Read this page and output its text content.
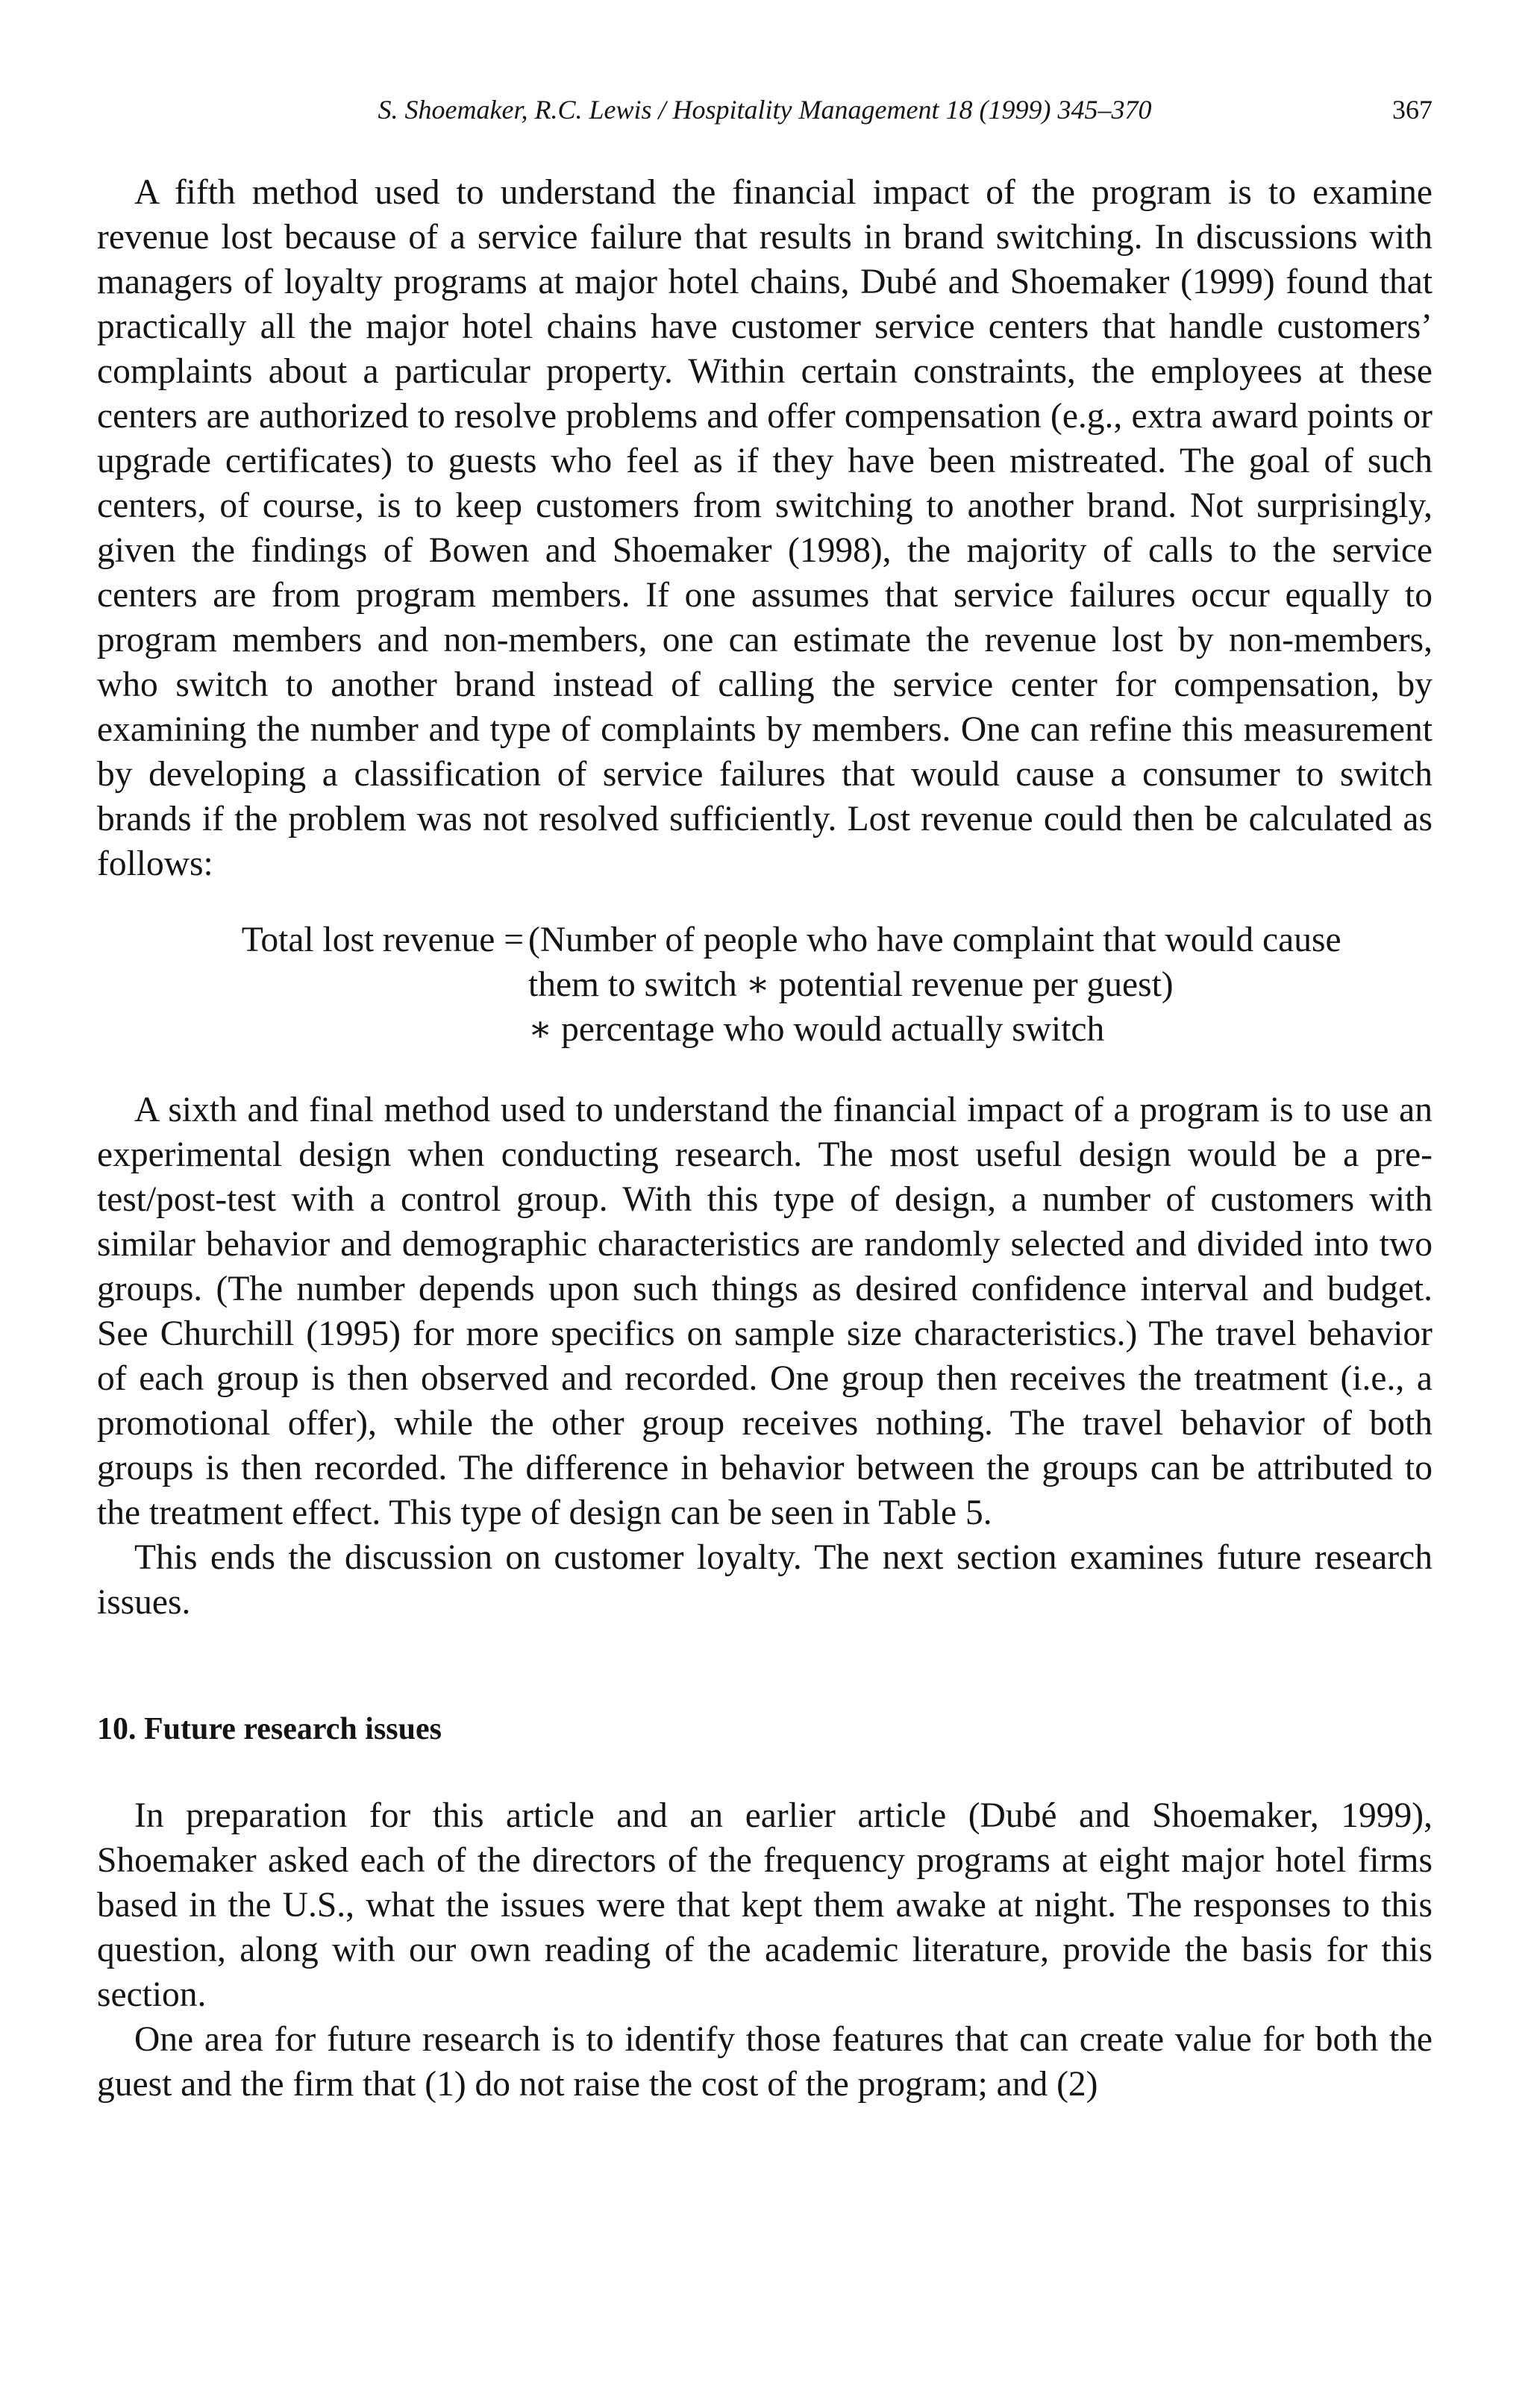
S. Shoemaker, R.C. Lewis / Hospitality Management 18 (1999) 345–370	367

A fifth method used to understand the financial impact of the program is to examine revenue lost because of a service failure that results in brand switching. In discussions with managers of loyalty programs at major hotel chains, Dubé and Shoemaker (1999) found that practically all the major hotel chains have customer service centers that handle customers’ complaints about a particular property. Within certain constraints, the employees at these centers are authorized to resolve problems and offer compensation (e.g., extra award points or upgrade certificates) to guests who feel as if they have been mistreated. The goal of such centers, of course, is to keep customers from switching to another brand. Not surprisingly, given the findings of Bowen and Shoemaker (1998), the majority of calls to the service centers are from program members. If one assumes that service failures occur equally to program members and non-members, one can estimate the revenue lost by non-members, who switch to another brand instead of calling the service center for compensation, by examining the number and type of complaints by members. One can refine this measurement by developing a classification of service failures that would cause a consumer to switch brands if the problem was not resolved sufficiently. Lost revenue could then be calculated as follows:

Total lost revenue = (Number of people who have complaint that would cause
them to switch ∗ potential revenue per guest)
∗ percentage who would actually switch

A sixth and final method used to understand the financial impact of a program is to use an experimental design when conducting research. The most useful design would be a pre-test/post-test with a control group. With this type of design, a number of customers with similar behavior and demographic characteristics are randomly selected and divided into two groups. (The number depends upon such things as desired confidence interval and budget. See Churchill (1995) for more specifics on sample size characteristics.) The travel behavior of each group is then observed and recorded. One group then receives the treatment (i.e., a promotional offer), while the other group receives nothing. The travel behavior of both groups is then recorded. The difference in behavior between the groups can be attributed to the treatment effect. This type of design can be seen in Table 5.

This ends the discussion on customer loyalty. The next section examines future research issues.

10. Future research issues

In preparation for this article and an earlier article (Dubé and Shoemaker, 1999), Shoemaker asked each of the directors of the frequency programs at eight major hotel firms based in the U.S., what the issues were that kept them awake at night. The responses to this question, along with our own reading of the academic literature, provide the basis for this section.

One area for future research is to identify those features that can create value for both the guest and the firm that (1) do not raise the cost of the program; and (2)
